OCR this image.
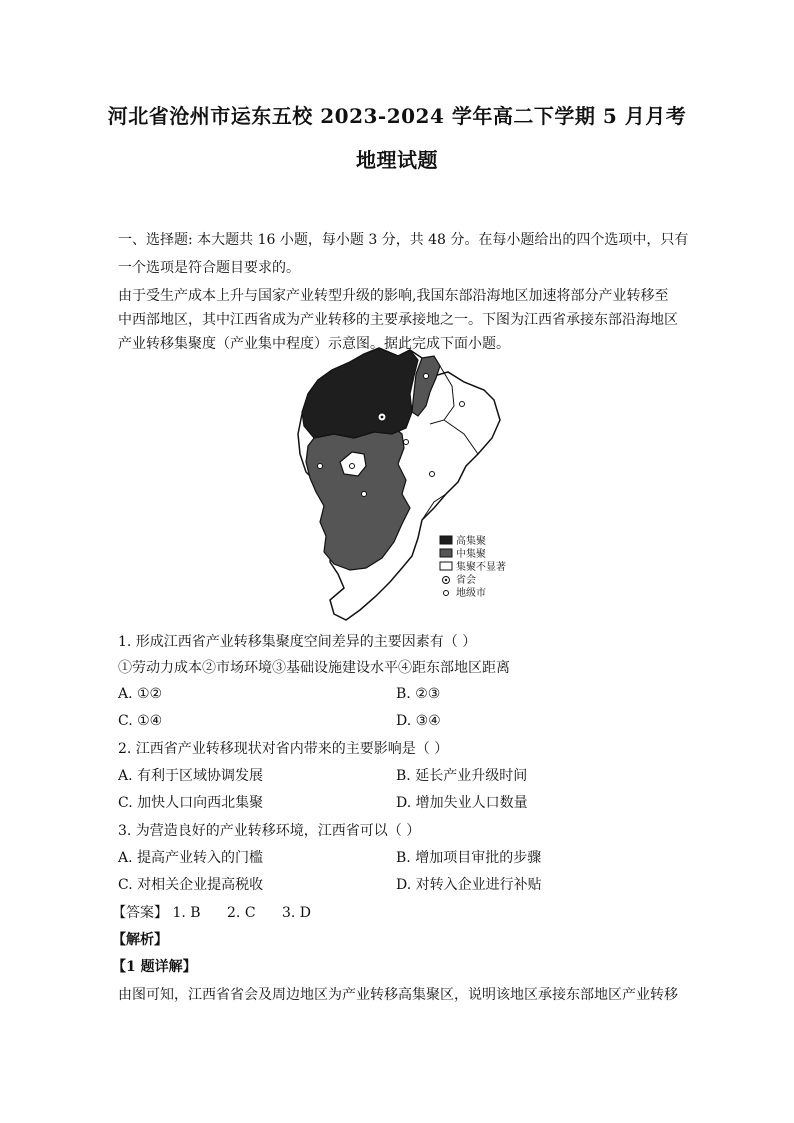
河北省沧州市运东五校 2023-2024 学年高二下学期 5 月月考
地理试题
一、选择题: 本大题共 16 小题，每小题 3 分，共 48 分。在每小题给出的四个选项中，只有
一个选项是符合题目要求的。
由于受生产成本上升与国家产业转型升级的影响,我国东部沿海地区加速将部分产业转移至
中西部地区，其中江西省成为产业转移的主要承接地之一。下图为江西省承接东部沿海地区
产业转移集聚度（产业集中程度）示意图。据此完成下面小题。
高集聚
中集聚
集聚不显著
省会
地级市
1. 形成江西省产业转移集聚度空间差异的主要因素有（ ）
①劳动力成本②市场环境③基础设施建设水平④距东部地区距离
A. ①②	B. ②③
C. ①④	D. ③④
2. 江西省产业转移现状对省内带来的主要影响是（ ）
A. 有利于区域协调发展	B. 延长产业升级时间
C. 加快人口向西北集聚	D. 增加失业人口数量
3. 为营造良好的产业转移环境，江西省可以（ ）
A. 提高产业转入的门槛	B. 增加项目审批的步骤
C. 对相关企业提高税收	D. 对转入企业进行补贴
【答案】 1. B 2. C 3. D
【解析】
【1 题详解】
由图可知，江西省省会及周边地区为产业转移高集聚区，说明该地区承接东部地区产业转移
